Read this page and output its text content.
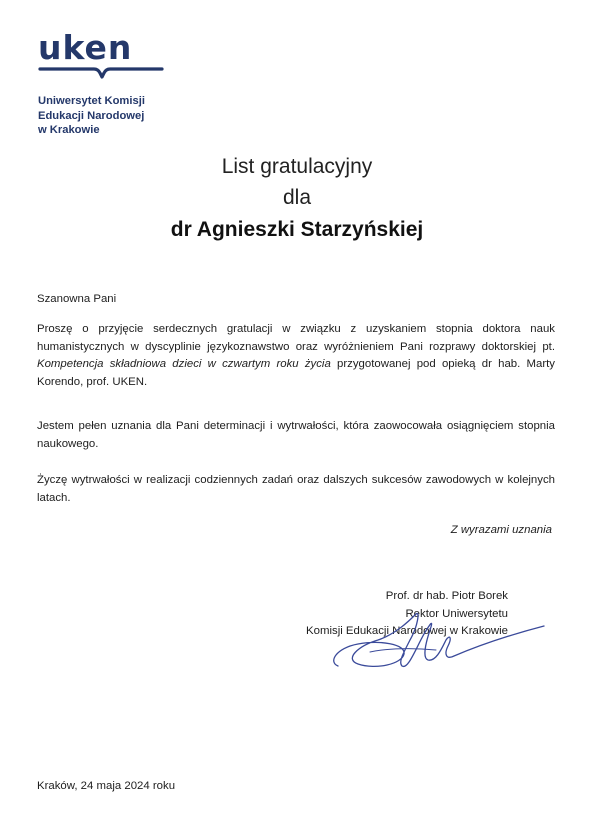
uken
Uniwersytet Komisji
Edukacji Narodowej
w Krakowie
List gratulacyjny
dla
dr Agnieszki Starzyńskiej
Szanowna Pani
Proszę o przyjęcie serdecznych gratulacji w związku z uzyskaniem stopnia doktora nauk humanistycznych w dyscyplinie językoznawstwo oraz wyróżnieniem Pani rozprawy doktorskiej pt. Kompetencja składniowa dzieci w czwartym roku życia przygotowanej pod opieką dr hab. Marty Korendo, prof. UKEN.
Jestem pełen uznania dla Pani determinacji i wytrwałości, która zaowocowała osiągnięciem stopnia naukowego.
Życzę wytrwałości w realizacji codziennych zadań oraz dalszych sukcesów zawodowych w kolejnych latach.
Z wyrazami uznania
Prof. dr hab. Piotr Borek
Rektor Uniwersytetu
Komisji Edukacji Narodowej w Krakowie
Kraków, 24 maja 2024 roku
